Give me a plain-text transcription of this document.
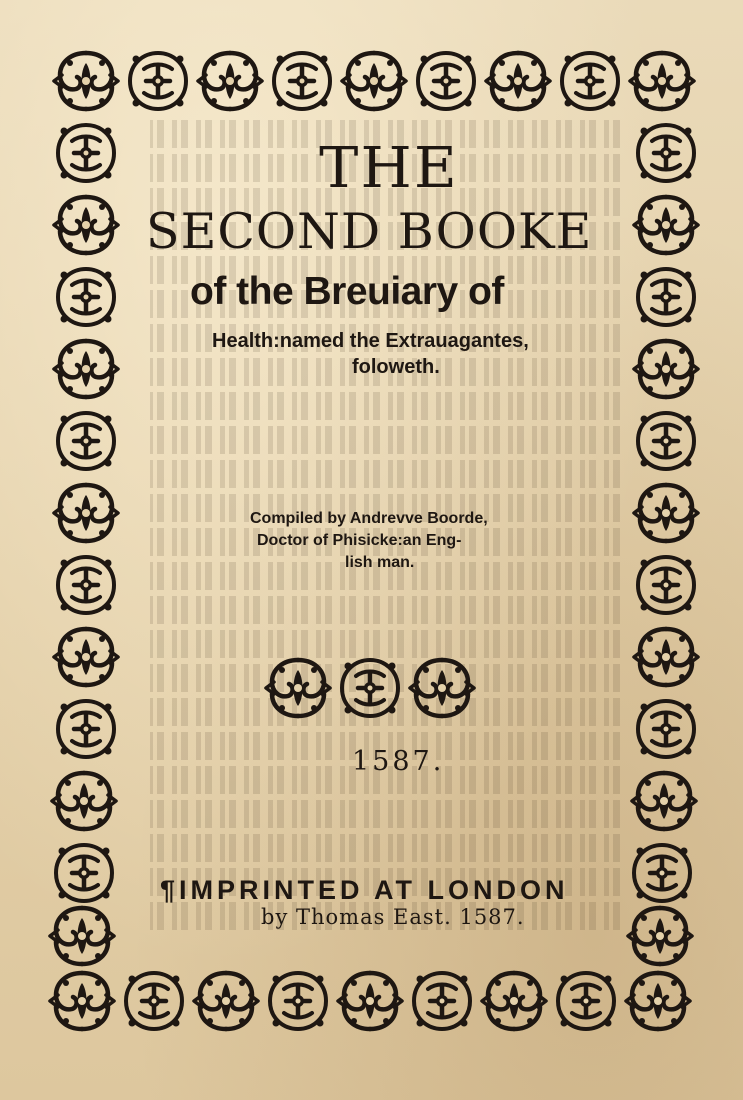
THE
SECOND BOOKE
of the Breuiary of
Health:named the Extrauagantes,
foloweth.
Compiled by Andrevve Boorde,
Doctor of Phisicke:an Eng-
lish man.
1587.
¶IMPRINTED AT LONDON
by Thomas East. 1587.
